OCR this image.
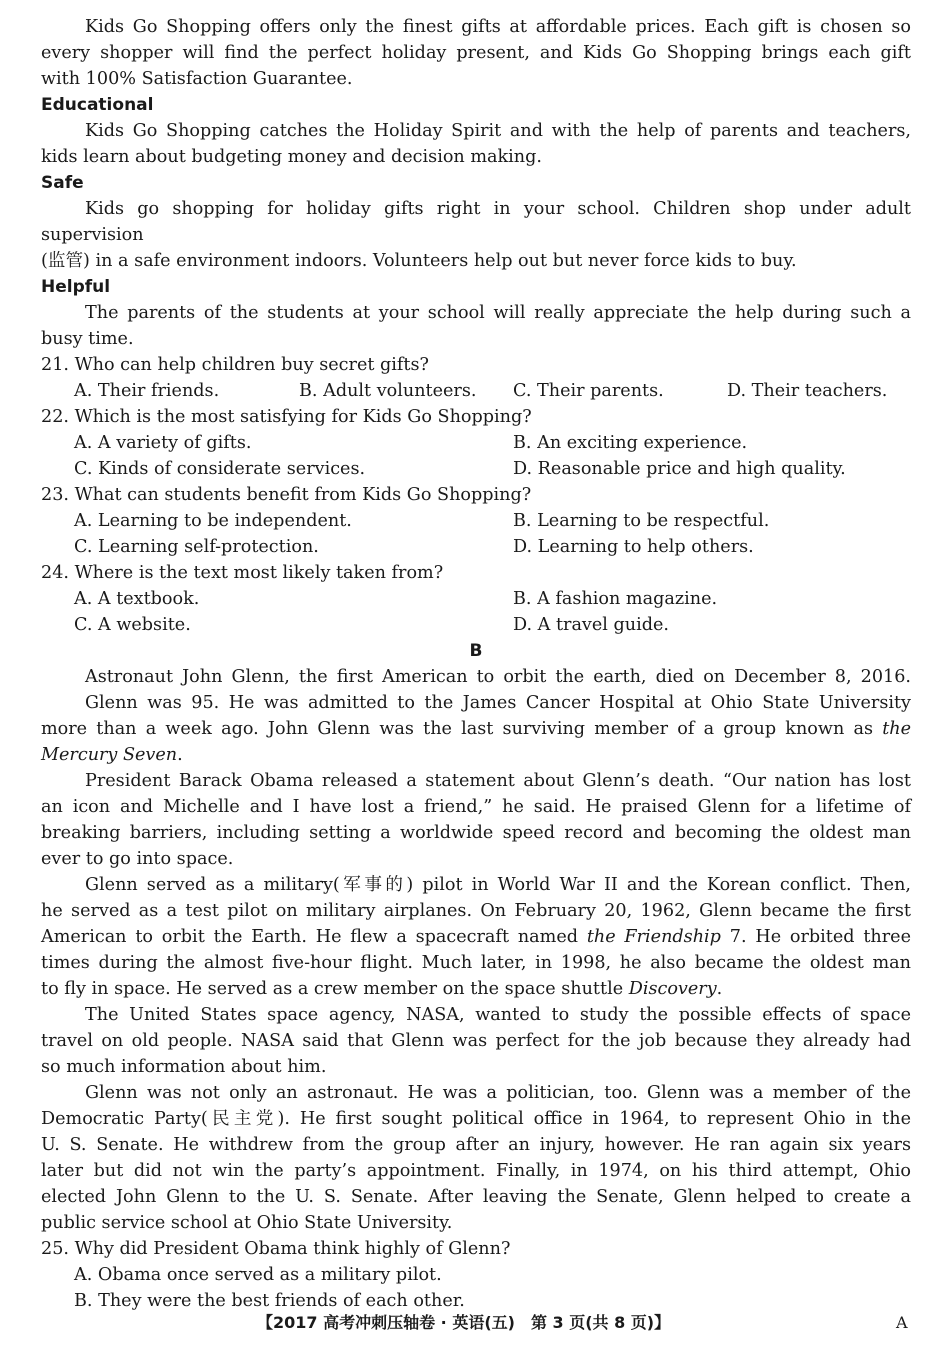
Kids Go Shopping offers only the finest gifts at affordable prices. Each gift is chosen so
every shopper will find the perfect holiday present, and Kids Go Shopping brings each gift
with 100% Satisfaction Guarantee.
Educational
Kids Go Shopping catches the Holiday Spirit and with the help of parents and teachers,
kids learn about budgeting money and decision making.
Safe
Kids go shopping for holiday gifts right in your school. Children shop under adult supervision
(监管) in a safe environment indoors. Volunteers help out but never force kids to buy.
Helpful
The parents of the students at your school will really appreciate the help during such a
busy time.
21. Who can help children buy secret gifts?
A. Their friends.	B. Adult volunteers. C. Their parents.	D. Their teachers.
22. Which is the most satisfying for Kids Go Shopping?
A. A variety of gifts.	B. An exciting experience.
C. Kinds of considerate services.	D. Reasonable price and high quality.
23. What can students benefit from Kids Go Shopping?
A. Learning to be independent.	B. Learning to be respectful.
C. Learning self-protection.	D. Learning to help others.
24. Where is the text most likely taken from?
A. A textbook.	B. A fashion magazine.
C. A website.	D. A travel guide.
B
Astronaut John Glenn, the first American to orbit the earth, died on December 8, 2016.
Glenn was 95. He was admitted to the James Cancer Hospital at Ohio State University
more than a week ago. John Glenn was the last surviving member of a group known as the
Mercury Seven.
President Barack Obama released a statement about Glenn’s death. “Our nation has lost
an icon and Michelle and I have lost a friend,” he said. He praised Glenn for a lifetime of
breaking barriers, including setting a worldwide speed record and becoming the oldest man
ever to go into space.
Glenn served as a military(军事的) pilot in World War II and the Korean conflict. Then,
he served as a test pilot on military airplanes. On February 20, 1962, Glenn became the first
American to orbit the Earth. He flew a spacecraft named the Friendship 7. He orbited three
times during the almost five-hour flight. Much later, in 1998, he also became the oldest man
to fly in space. He served as a crew member on the space shuttle Discovery.
The United States space agency, NASA, wanted to study the possible effects of space
travel on old people. NASA said that Glenn was perfect for the job because they already had
so much information about him.
Glenn was not only an astronaut. He was a politician, too. Glenn was a member of the
Democratic Party(民主党). He first sought political office in 1964, to represent Ohio in the
U. S. Senate. He withdrew from the group after an injury, however. He ran again six years
later but did not win the party’s appointment. Finally, in 1974, on his third attempt, Ohio
elected John Glenn to the U. S. Senate. After leaving the Senate, Glenn helped to create a
public service school at Ohio State University.
25. Why did President Obama think highly of Glenn?
A. Obama once served as a military pilot.
B. They were the best friends of each other.
【2017 高考冲刺压轴卷 · 英语(五)　第 3 页(共 8 页)】	A
